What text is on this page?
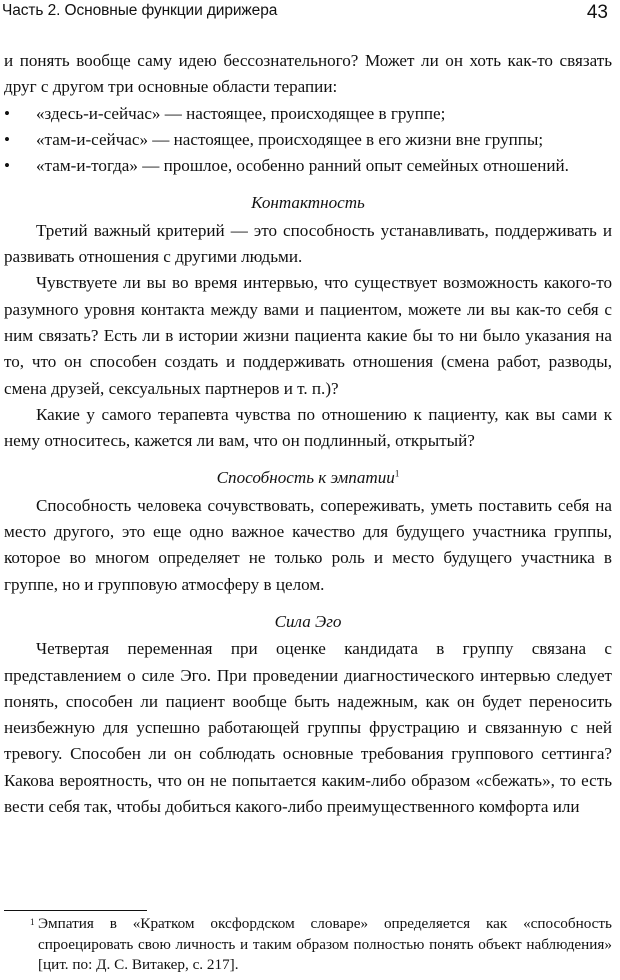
Часть 2. Основные функции дирижера	43

и понять вообще саму идею бессознательного? Может ли он хоть как-то связать друг с другом три основные области терапии:

•	«здесь-и-сейчас» — настоящее, происходящее в группе;
•	«там-и-сейчас» — настоящее, происходящее в его жизни вне группы;
•	«там-и-тогда» — прошлое, особенно ранний опыт семейных отношений.
Контактность

Третий важный критерий — это способность устанавливать, поддерживать и развивать отношения с другими людьми.

Чувствуете ли вы во время интервью, что существует возможность какого-то разумного уровня контакта между вами и пациентом, можете ли вы как-то себя с ним связать? Есть ли в истории жизни пациента какие бы то ни было указания на то, что он способен создать и поддерживать отношения (смена работ, разводы, смена друзей, сексуальных партнеров и т. п.)?

Какие у самого терапевта чувства по отношению к пациенту, как вы сами к нему относитесь, кажется ли вам, что он подлинный, открытый?

Способность к эмпатии$^1$

Способность человека сочувствовать, сопереживать, уметь поставить себя на место другого, это еще одно важное качество для будущего участника группы, которое во многом определяет не только роль и место будущего участника в группе, но и групповую атмосферу в целом.

Сила Эго

Четвертая переменная при оценке кандидата в группу связана с представлением о силе Эго. При проведении диагностического интервью следует понять, способен ли пациент вообще быть надежным, как он будет переносить неизбежную для успешно работающей группы фрустрацию и связанную с ней тревогу. Способен ли он соблюдать основные требования группового сеттинга? Какова вероятность, что он не попытается каким-либо образом «сбежать», то есть вести себя так, чтобы добиться какого-либо преимущественного комфорта или

1 Эмпатия в «Кратком оксфордском словаре» определяется как «способность спроецировать свою личность и таким образом полностью понять объект наблюдения» [цит. по: Д. С. Витакер, с. 217].
